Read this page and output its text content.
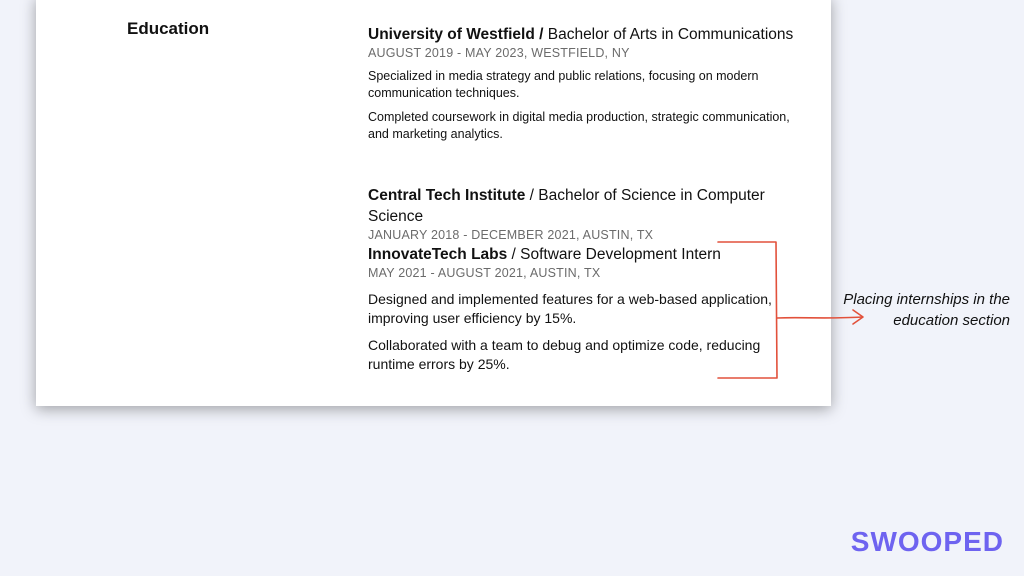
Education	University of Westfield / Bachelor of Arts in Communications
AUGUST 2019 - MAY 2023, WESTFIELD, NY
Specialized in media strategy and public relations, focusing on modern communication techniques.
Completed coursework in digital media production, strategic communication, and marketing analytics.
Central Tech Institute / Bachelor of Science in Computer Science
JANUARY 2018 - DECEMBER 2021, AUSTIN, TX
InnovateTech Labs / Software Development Intern
MAY 2021 - AUGUST 2021, AUSTIN, TX
Designed and implemented features for a web-based application, improving user efficiency by 15%.
Collaborated with a team to debug and optimize code, reducing runtime errors by 25%.
Placing internships in the education section
SWOOPED
